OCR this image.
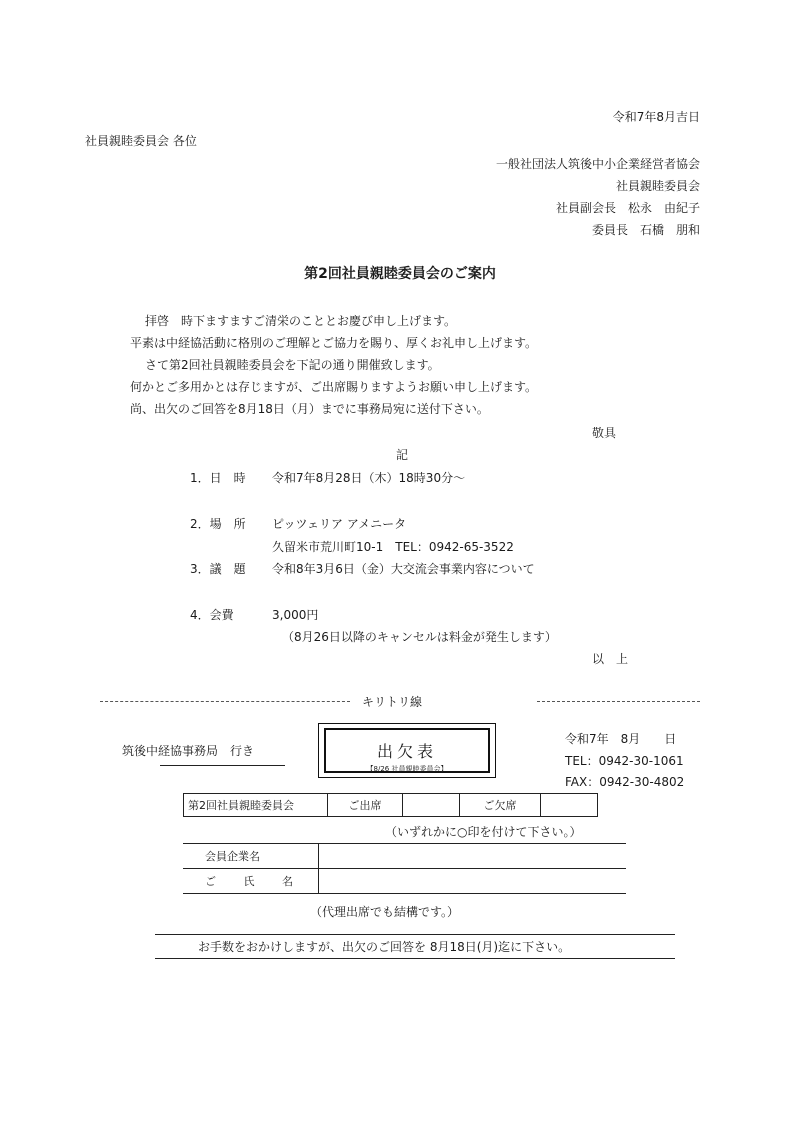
令和7年8月吉日
社員親睦委員会 各位
一般社団法人筑後中小企業経営者協会
社員親睦委員会
社員副会長　松永　由紀子
委員長　石橋　朋和
第2回社員親睦委員会のご案内
拝啓　時下ますますご清栄のこととお慶び申し上げます。
平素は中経協活動に格別のご理解とご協力を賜り、厚くお礼申し上げます。
さて第2回社員親睦委員会を下記の通り開催致します。
何かとご多用かとは存じますが、ご出席賜りますようお願い申し上げます。
尚、出欠のご回答を8月18日（月）までに事務局宛に送付下さい。
敬具
記
1．日　時 令和7年8月28日（木）18時30分～
2．場　所 ピッツェリア アメニータ
久留米市荒川町10-1　TEL：0942-65-3522
3．議　題 令和8年3月6日（金）大交流会事業内容について
4．会費	3,000円
（8月26日以降のキャンセルは料金が発生します）
以　上
キリトリ線
筑後中経協事務局　行き	出欠表
【8/26 社員親睦委員会】
令和7年　8月　　日
TEL：0942-30-1061
FAX：0942-30-4802
第2回社員親睦委員会	ご出席		ご欠席	
（いずれかに○印を付けて下さい。）
会員企業名	
ご 氏 名	
（代理出席でも結構です。）
お手数をおかけしますが、出欠のご回答を 8月18日(月)迄に下さい。
